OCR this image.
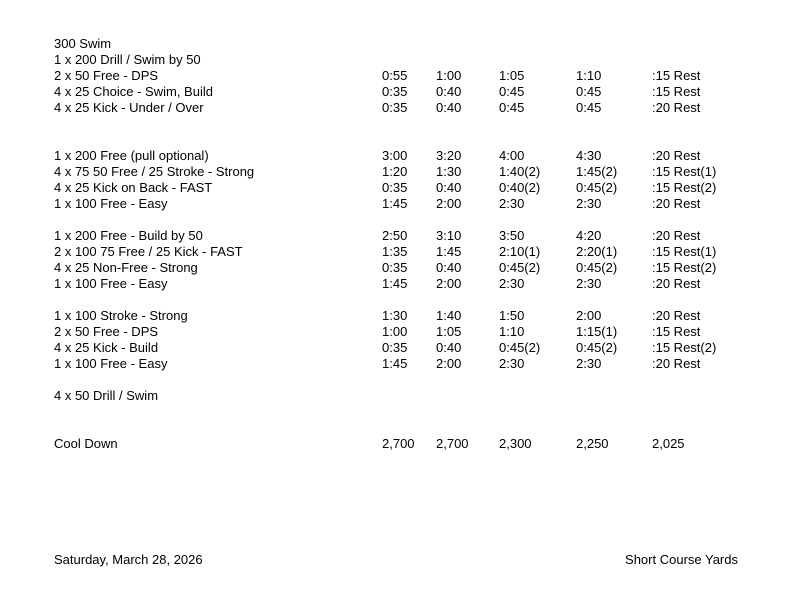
300 Swim
1 x 200 Drill / Swim by 50
2 x 50 Free - DPS	0:55 1:00	1:05	1:10	:15 Rest
4 x 25 Choice - Swim, Build	0:35 0:40	0:45	0:45	:15 Rest
4 x 25 Kick - Under / Over	0:35 0:40	0:45	0:45	:20 Rest
1 x 200 Free (pull optional)	3:00 3:20	4:00	4:30	:20 Rest
4 x 75 50 Free / 25 Stroke - Strong	1:20 1:30	1:40(2)	1:45(2)	:15 Rest(1)
4 x 25 Kick on Back - FAST	0:35 0:40	0:40(2)	0:45(2)	:15 Rest(2)
1 x 100 Free - Easy	1:45 2:00	2:30	2:30	:20 Rest
1 x 200 Free - Build by 50	2:50 3:10	3:50	4:20	:20 Rest
2 x 100 75 Free / 25 Kick - FAST	1:35 1:45	2:10(1)	2:20(1)	:15 Rest(1)
4 x 25 Non-Free - Strong	0:35 0:40	0:45(2)	0:45(2)	:15 Rest(2)
1 x 100 Free - Easy	1:45 2:00	2:30	2:30	:20 Rest
1 x 100 Stroke - Strong	1:30 1:40	1:50	2:00	:20 Rest
2 x 50 Free - DPS	1:00 1:05	1:10	1:15(1)	:15 Rest
4 x 25 Kick - Build	0:35 0:40	0:45(2)	0:45(2)	:15 Rest(2)
1 x 100 Free - Easy	1:45 2:00	2:30	2:30	:20 Rest
4 x 50 Drill / Swim
Cool Down	2,700 2,700 2,300	2,250	2,025
Saturday, March 28, 2026	Short Course Yards
